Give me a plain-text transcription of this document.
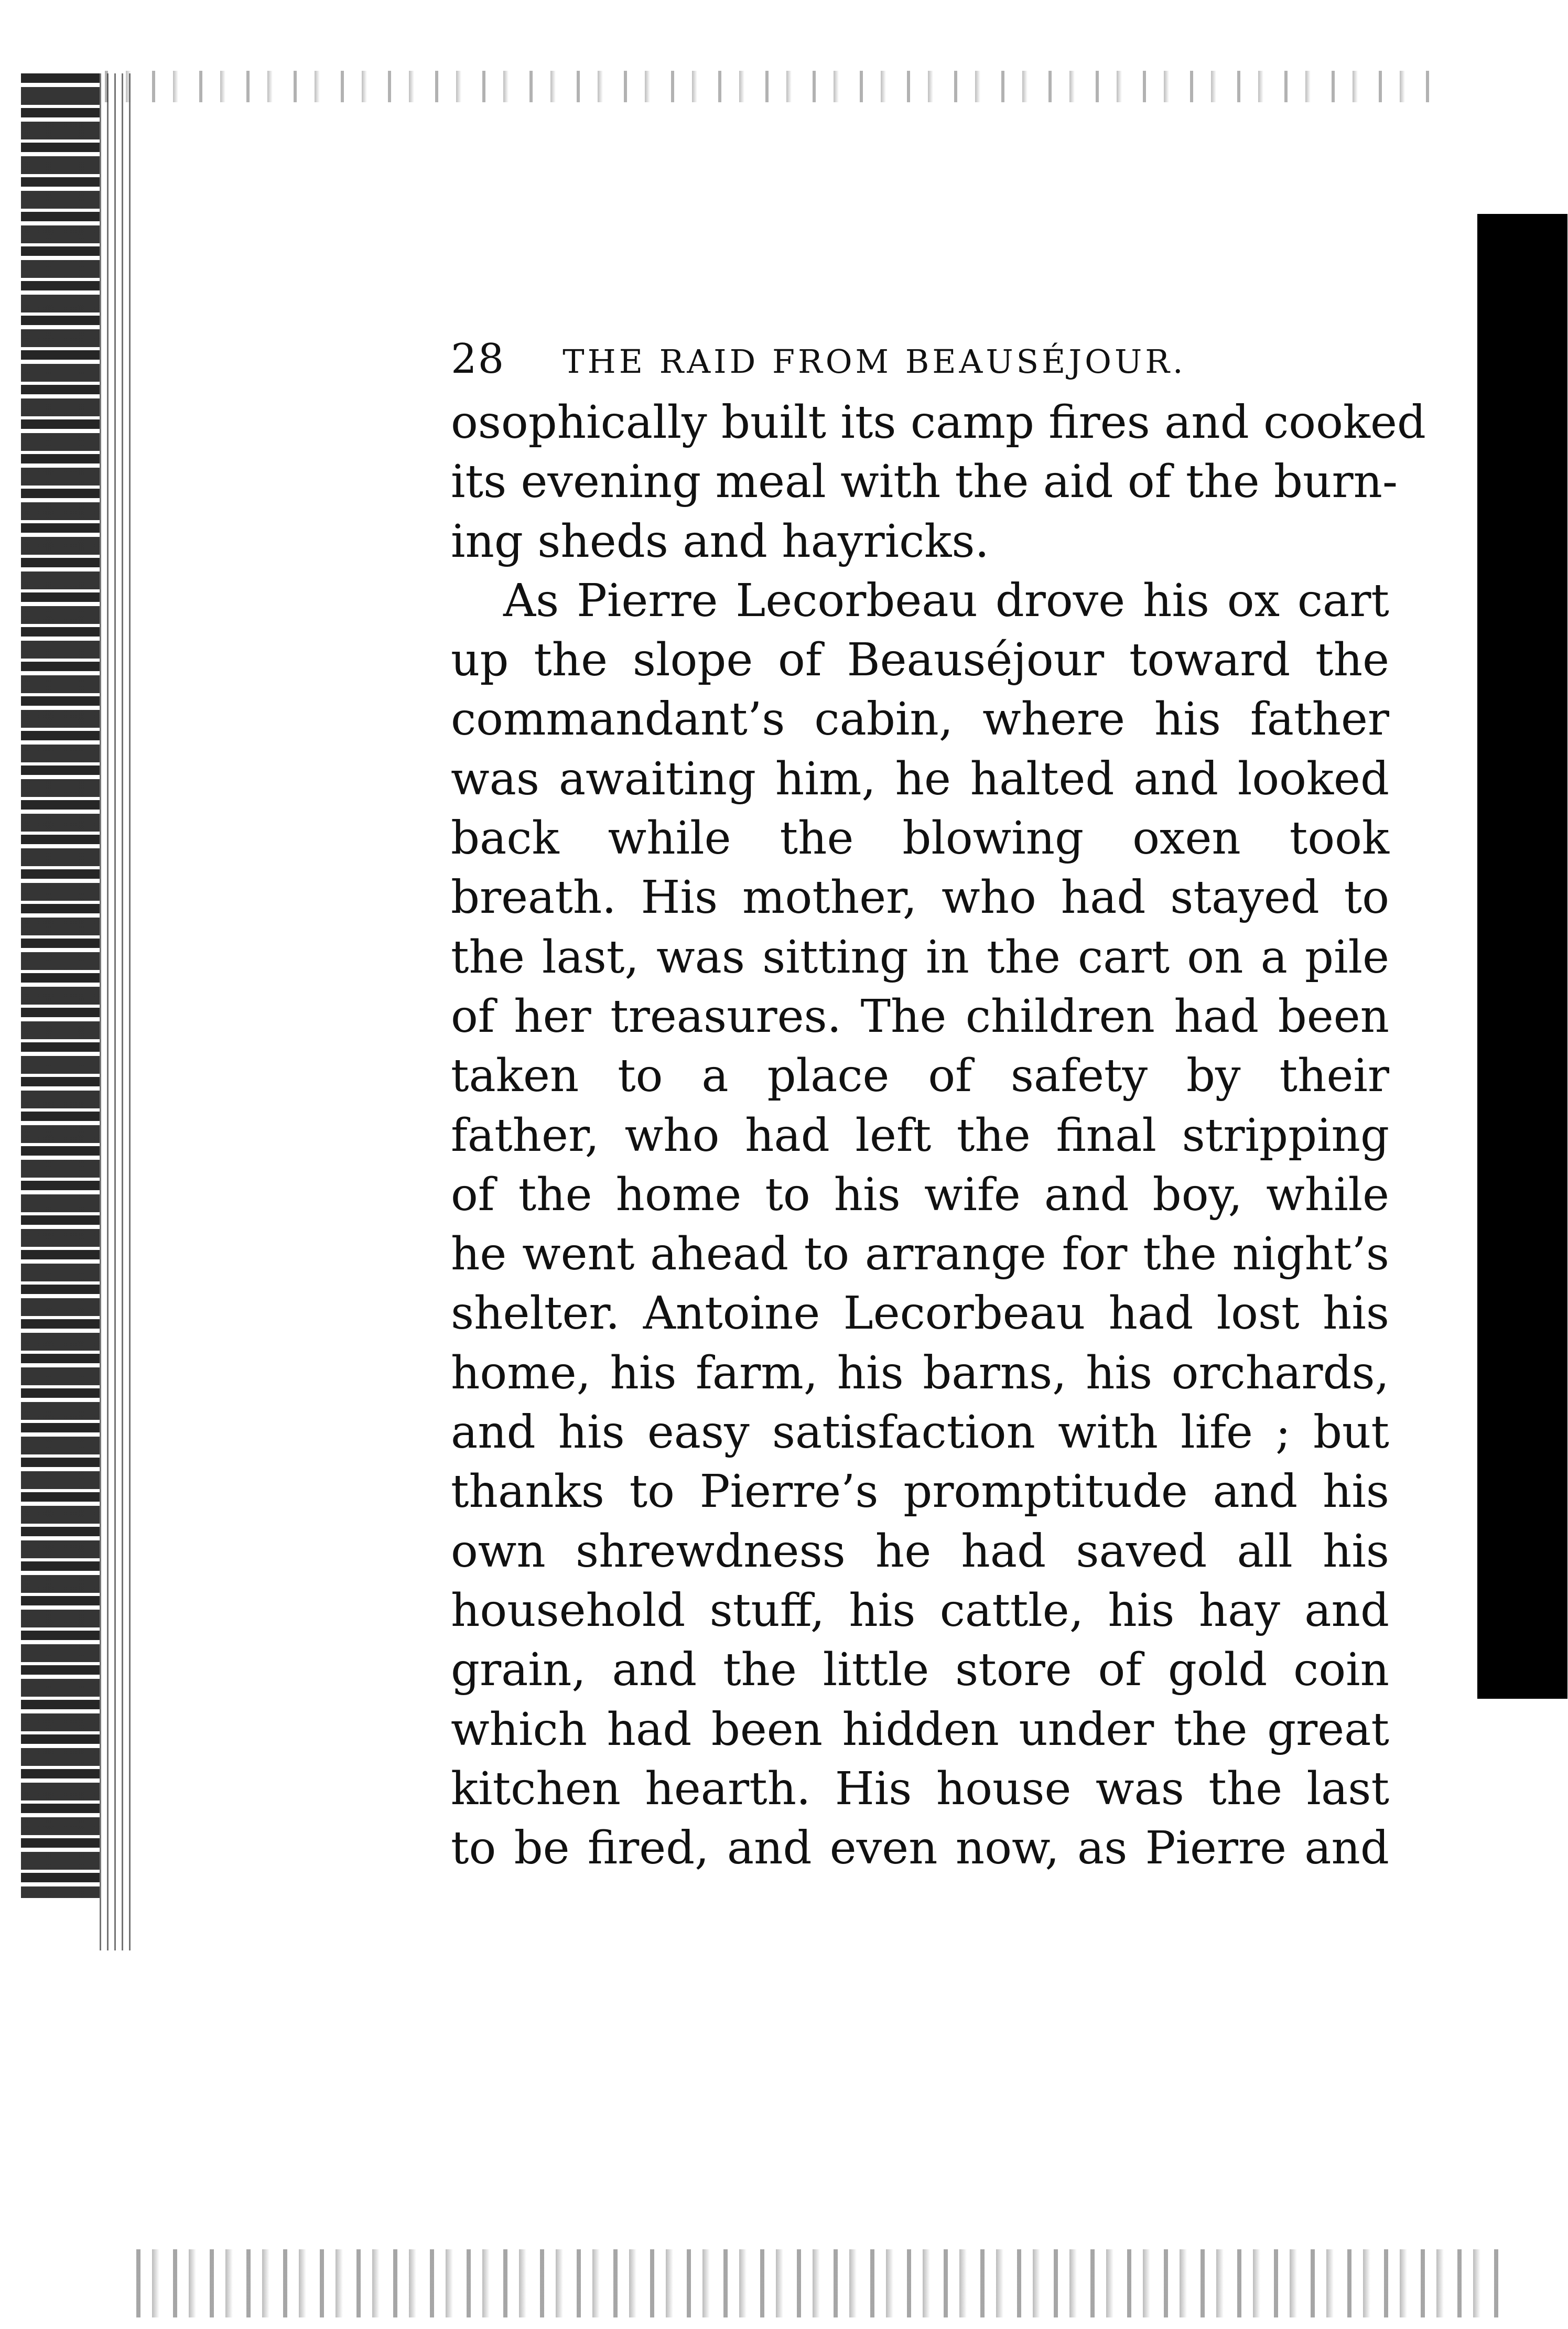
28 THE RAID FROM BEAUSÉJOUR.
osophically built its camp fires and cooked
its evening meal with the aid of the burn-
ing sheds and hayricks.
As Pierre Lecorbeau drove his ox cart
up the slope of Beauséjour toward the
commandant’s cabin, where his father
was awaiting him, he halted and looked
back while the blowing oxen took
breath. His mother, who had stayed to
the last, was sitting in the cart on a pile
of her treasures. The children had been
taken to a place of safety by their
father, who had left the final stripping
of the home to his wife and boy, while
he went ahead to arrange for the night’s
shelter. Antoine Lecorbeau had lost his
home, his farm, his barns, his orchards,
and his easy satisfaction with life ; but
thanks to Pierre’s promptitude and his
own shrewdness he had saved all his
household stuff, his cattle, his hay and
grain, and the little store of gold coin
which had been hidden under the great
kitchen hearth. His house was the last
to be fired, and even now, as Pierre and
